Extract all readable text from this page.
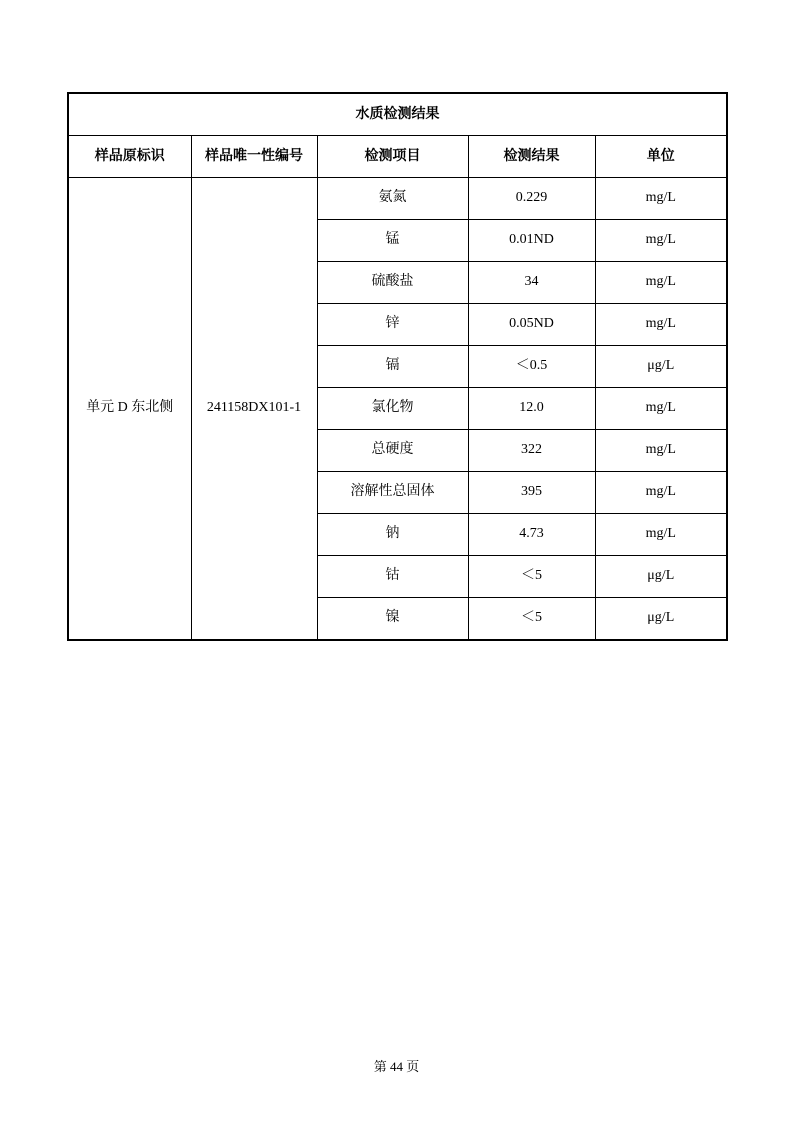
水质检测结果				
样品原标识	样品唯一性编号	检测项目	检测结果	单位
单元 D 东北侧	241158DX101-1	氨氮	0.229	mg/L
		锰	0.01ND	mg/L
		硫酸盐	34	mg/L
		锌	0.05ND	mg/L
		镉	＜0.5	μg/L
		氯化物	12.0	mg/L
		总硬度	322	mg/L
		溶解性总固体	395	mg/L
		钠	4.73	mg/L
		钴	＜5	μg/L
		镍	＜5	μg/L
第 44 页
